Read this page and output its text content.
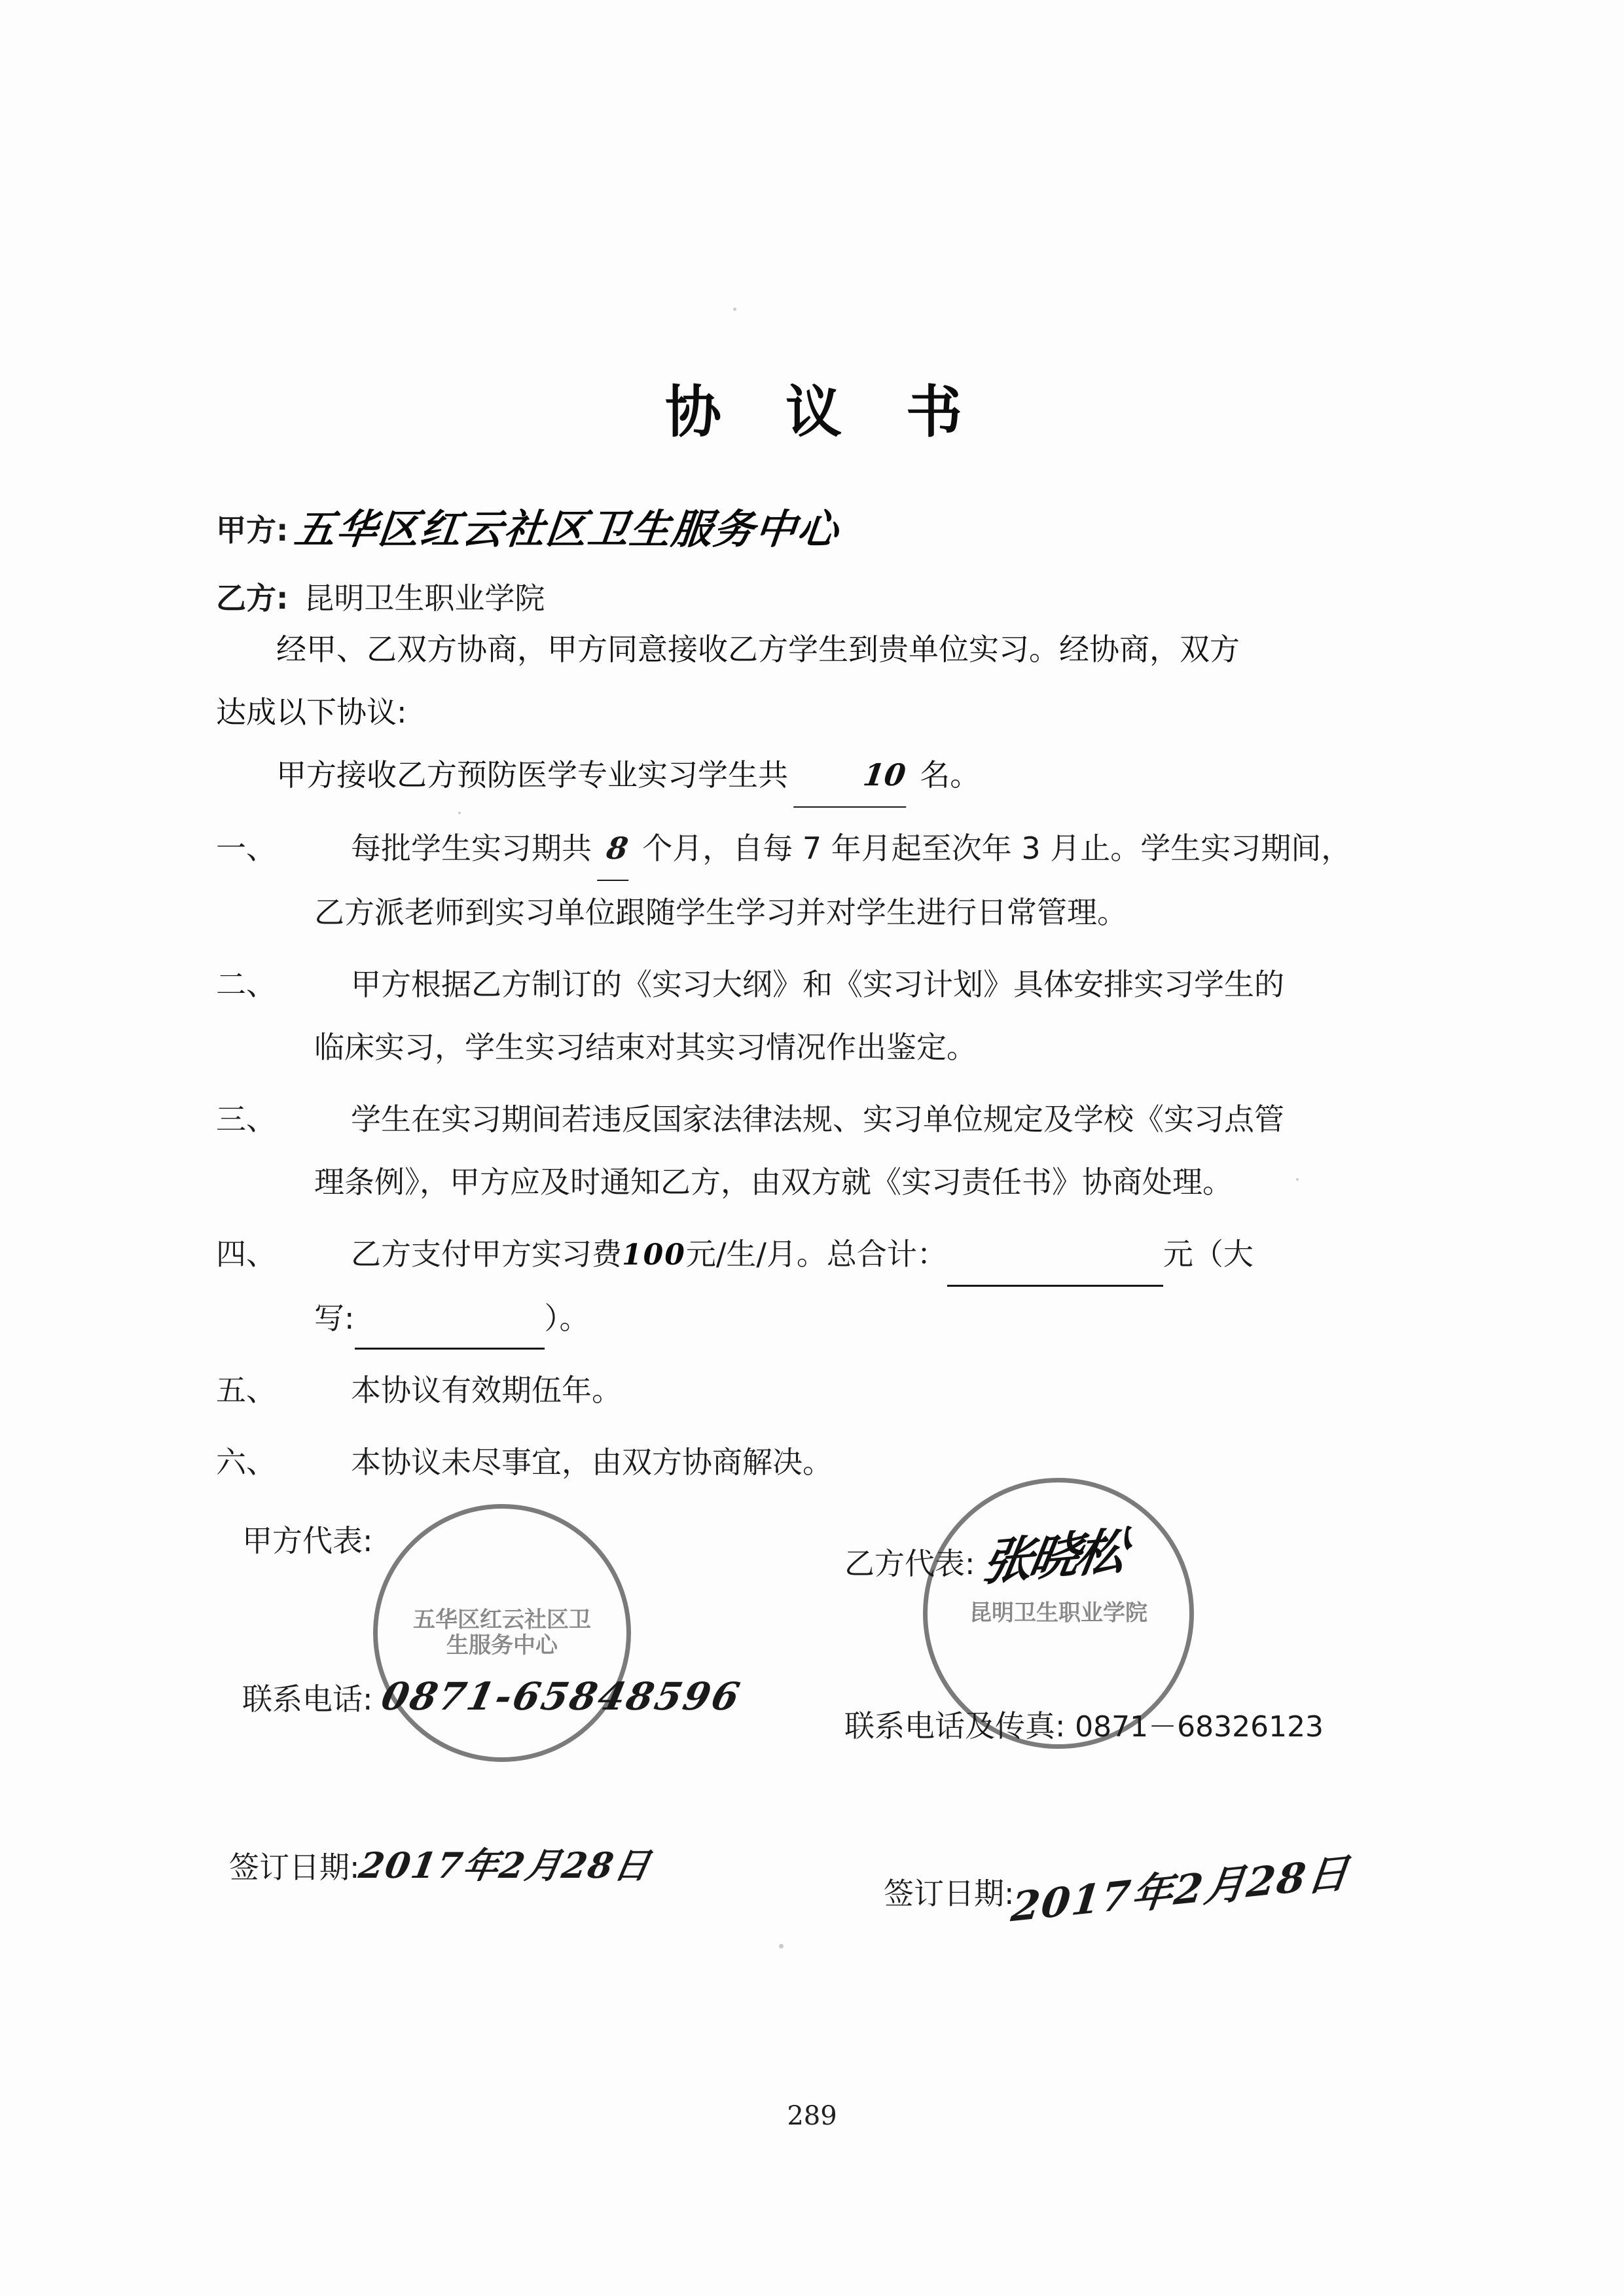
协 议 书
甲方: 五华区红云社区卫生服务中心
乙方: 昆明卫生职业学院
经甲、乙双方协商，甲方同意接收乙方学生到贵单位实习。经协商，双方
达成以下协议:
甲方接收乙方预防医学专业实习学生共 10 名。
一、	每批学生实习期共 8 个月，自每 7 年月起至次年 3 月止。学生实习期间，
乙方派老师到实习单位跟随学生学习并对学生进行日常管理。
二、	甲方根据乙方制订的《实习大纲》和《实习计划》具体安排实习学生的
临床实习，学生实习结束对其实习情况作出鉴定。
三、	学生在实习期间若违反国家法律法规、实习单位规定及学校《实习点管
理条例》，甲方应及时通知乙方，由双方就《实习责任书》协商处理。
四、	乙方支付甲方实习费100元/生/月。总合计：	元（大
写:	）。
五、	本协议有效期伍年。
六、	本协议未尽事宜，由双方协商解决。
五华区红云社区卫生服务中心
昆明卫生职业学院
甲方代表:
联系电话: 0871-65848596
乙方代表: 张晓松
联系电话及传真: 0871－68326123
签订日期:2017年2月28日
签订日期:2017年2月28日
289
